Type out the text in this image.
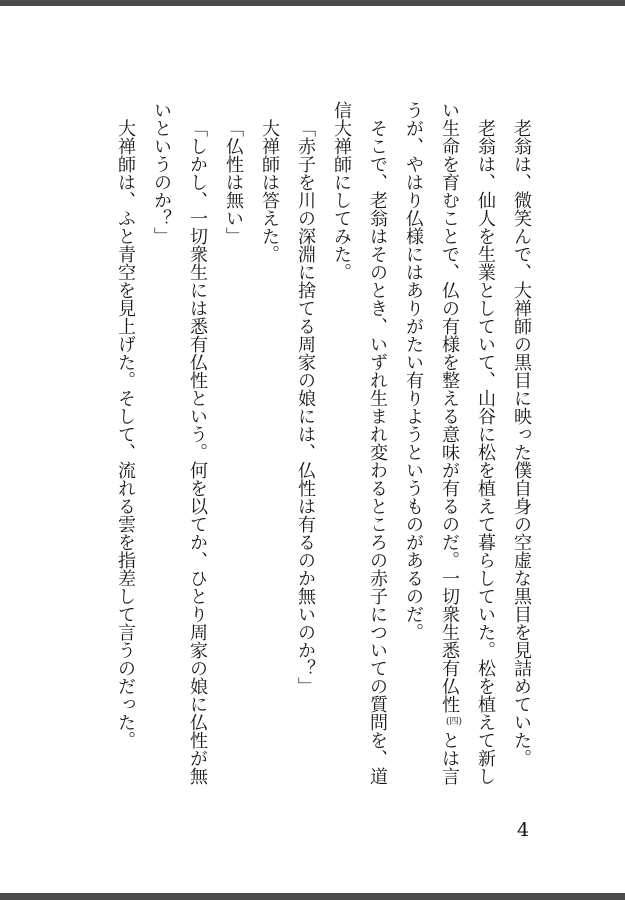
老翁は、微笑んで、大禅師の黒目に映った僕自身の空虚な黒目を見詰めていた。
老翁は、仙人を生業としていて、山谷に松を植えて暮らしていた。松を植えて新し
い生命を育むことで、仏の有様を整える意味が有るのだ。一切衆生悉有仏性(四)とは言
うが、やはり仏様にはありがたい有りようというものがあるのだ。
そこで、老翁はそのとき、いずれ生まれ変わるところの赤子についての質問を、道
信大禅師にしてみた。
「赤子を川の深淵に捨てる周家の娘には、仏性は有るのか無いのか？」
大禅師は答えた。
「仏性は無い」
「しかし、一切衆生には悉有仏性という。何を以てか、ひとり周家の娘に仏性が無
いというのか？」
大禅師は、ふと青空を見上げた。そして、流れる雲を指差して言うのだった。
4
